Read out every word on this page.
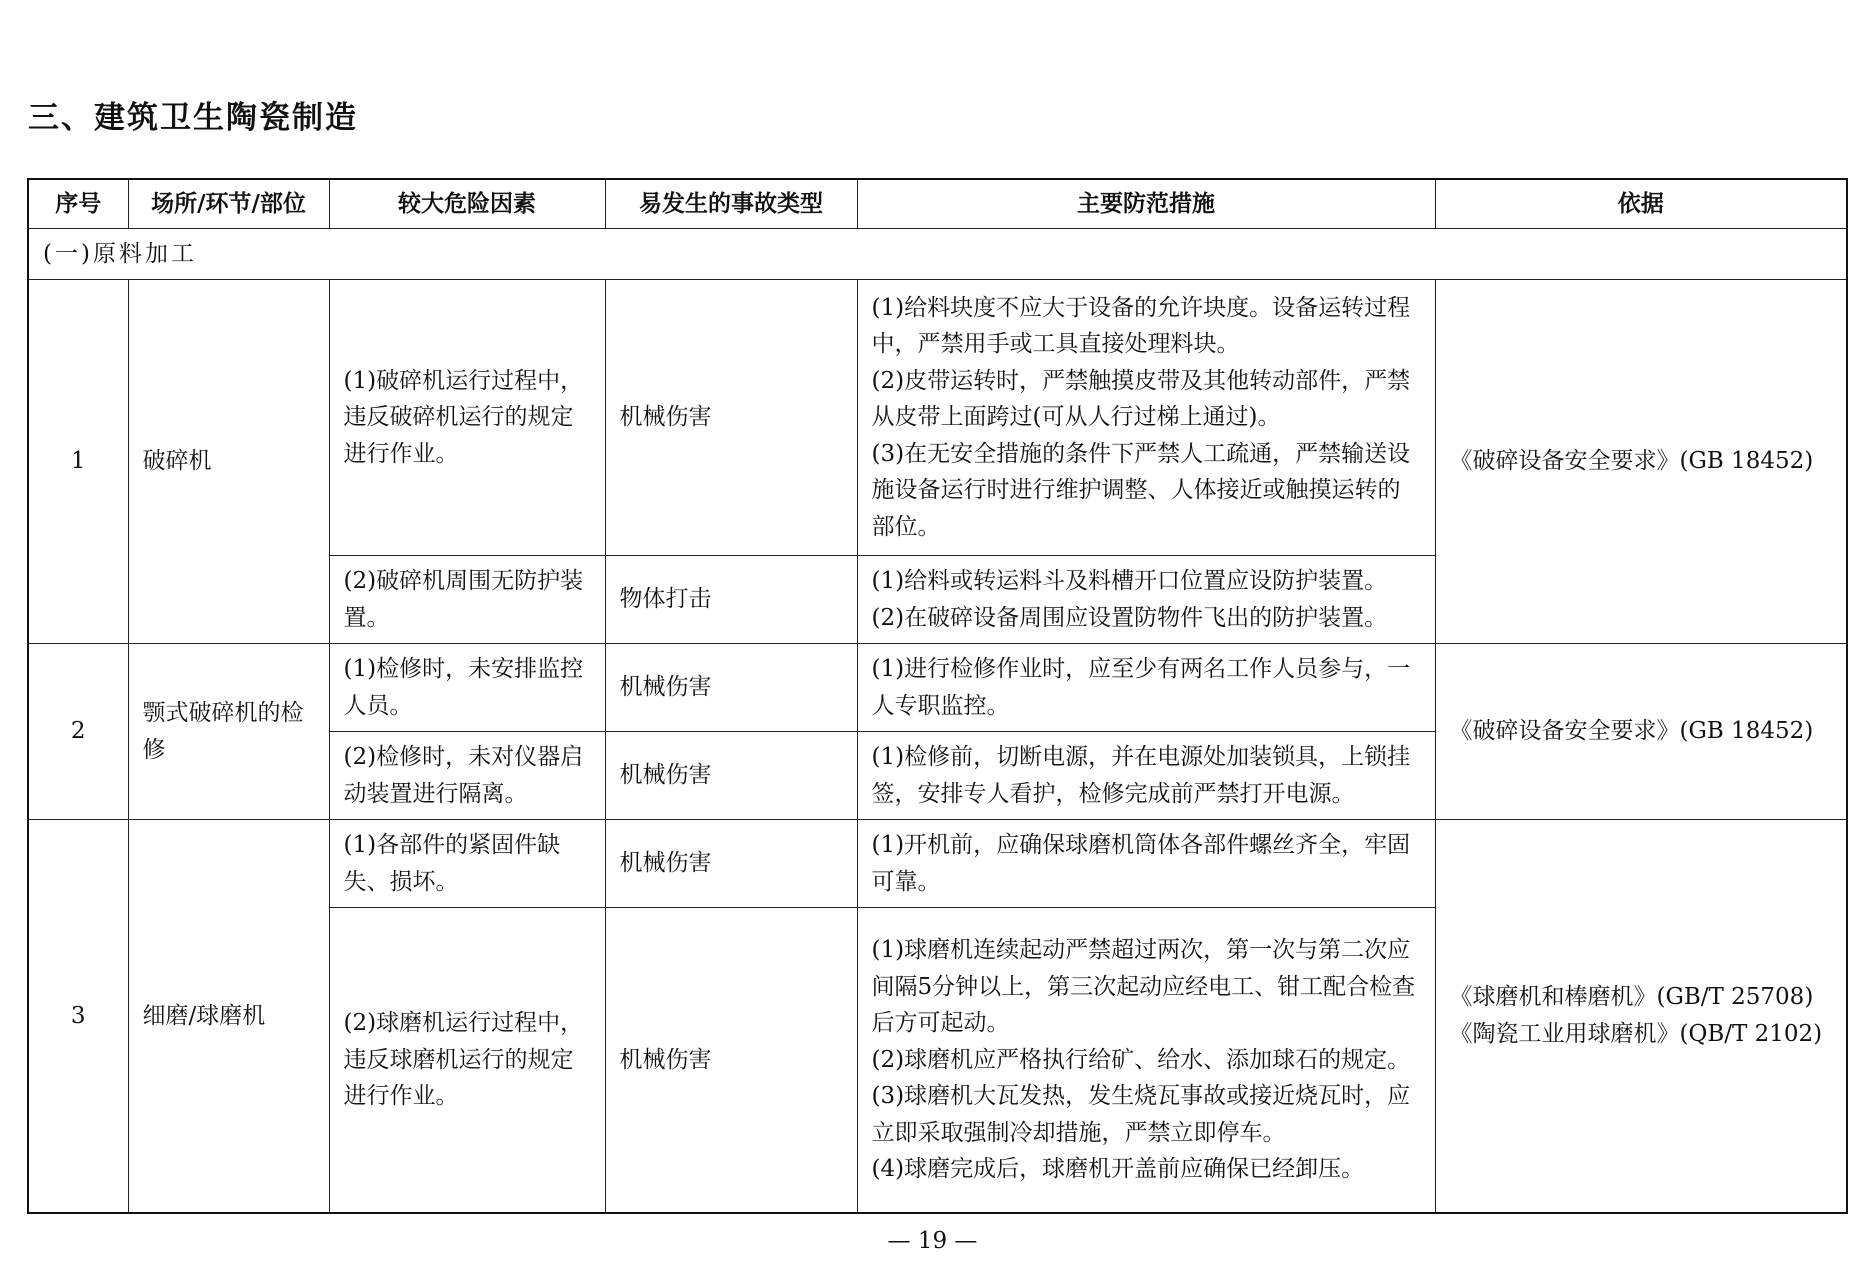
三、建筑卫生陶瓷制造
序号	场所/环节/部位	较大危险因素	易发生的事故类型	主要防范措施	依据
(一)原料加工					
1	破碎机	(1)破碎机运行过程中，违反破碎机运行的规定进行作业。	机械伤害	(1)给料块度不应大于设备的允许块度。设备运转过程中，严禁用手或工具直接处理料块。
(2)皮带运转时，严禁触摸皮带及其他转动部件，严禁从皮带上面跨过(可从人行过梯上通过)。
(3)在无安全措施的条件下严禁人工疏通，严禁输送设施设备运行时进行维护调整、人体接近或触摸运转的部位。	《破碎设备安全要求》(GB 18452)
		(2)破碎机周围无防护装置。	物体打击	(1)给料或转运料斗及料槽开口位置应设防护装置。
(2)在破碎设备周围应设置防物件飞出的防护装置。	

2	颚式破碎机的检修	(1)检修时，未安排监控人员。	机械伤害	(1)进行检修作业时，应至少有两名工作人员参与，一人专职监控。	《破碎设备安全要求》(GB 18452)
		(2)检修时，未对仪器启动装置进行隔离。	机械伤害	(1)检修前，切断电源，并在电源处加装锁具，上锁挂签，安排专人看护，检修完成前严禁打开电源。	

3	细磨/球磨机	(1)各部件的紧固件缺失、损坏。	机械伤害	(1)开机前，应确保球磨机筒体各部件螺丝齐全，牢固可靠。	《球磨机和棒磨机》(GB/T 25708)《陶瓷工业用球磨机》(QB/T 2102)
		(2)球磨机运行过程中，违反球磨机运行的规定进行作业。	机械伤害	(1)球磨机连续起动严禁超过两次，第一次与第二次应间隔5分钟以上，第三次起动应经电工、钳工配合检查后方可起动。
(2)球磨机应严格执行给矿、给水、添加球石的规定。
(3)球磨机大瓦发热，发生烧瓦事故或接近烧瓦时，应立即采取强制冷却措施，严禁立即停车。
(4)球磨完成后，球磨机开盖前应确保已经卸压。	
— 19 —
